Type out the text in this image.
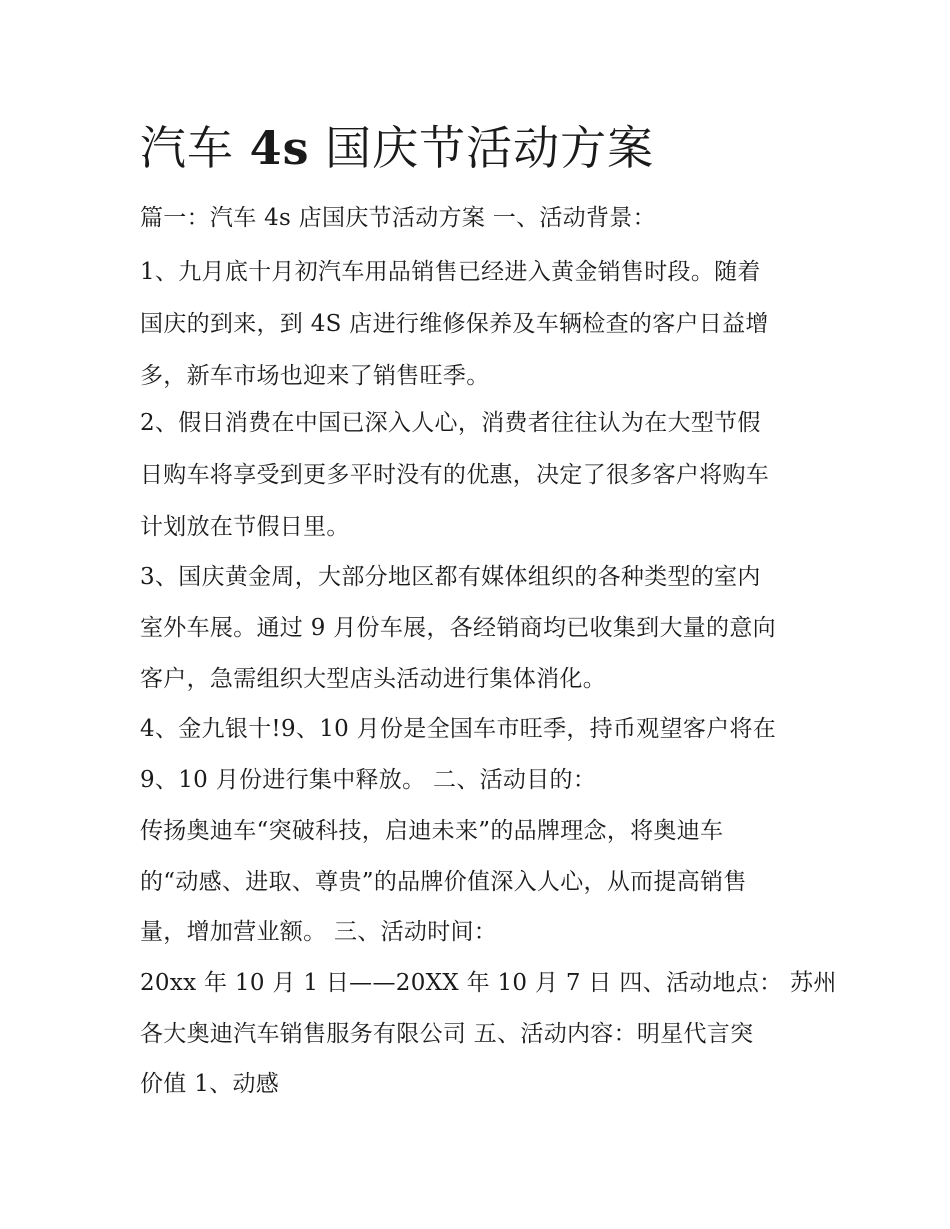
汽车 4s 国庆节活动方案

篇一：汽车 4s 店国庆节活动方案 一、活动背景：

1、九月底十月初汽车用品销售已经进入黄金销售时段。随着

国庆的到来，到 4S 店进行维修保养及车辆检查的客户日益增

多，新车市场也迎来了销售旺季。

2、假日消费在中国已深入人心，消费者往往认为在大型节假

日购车将享受到更多平时没有的优惠，决定了很多客户将购车

计划放在节假日里。

3、国庆黄金周，大部分地区都有媒体组织的各种类型的室内

室外车展。通过 9 月份车展，各经销商均已收集到大量的意向

客户，急需组织大型店头活动进行集体消化。

4、金九银十!9、10 月份是全国车市旺季，持币观望客户将在

9、10 月份进行集中释放。 二、活动目的：

传扬奥迪车“突破科技，启迪未来”的品牌理念，将奥迪车

的“动感、进取、尊贵”的品牌价值深入人心，从而提高销售

量，增加营业额。 三、活动时间：

20xx 年 10 月 1 日——20XX 年 10 月 7 日 四、活动地点： 苏州

各大奥迪汽车销售服务有限公司 五、活动内容：明星代言突

价值 1、动感
